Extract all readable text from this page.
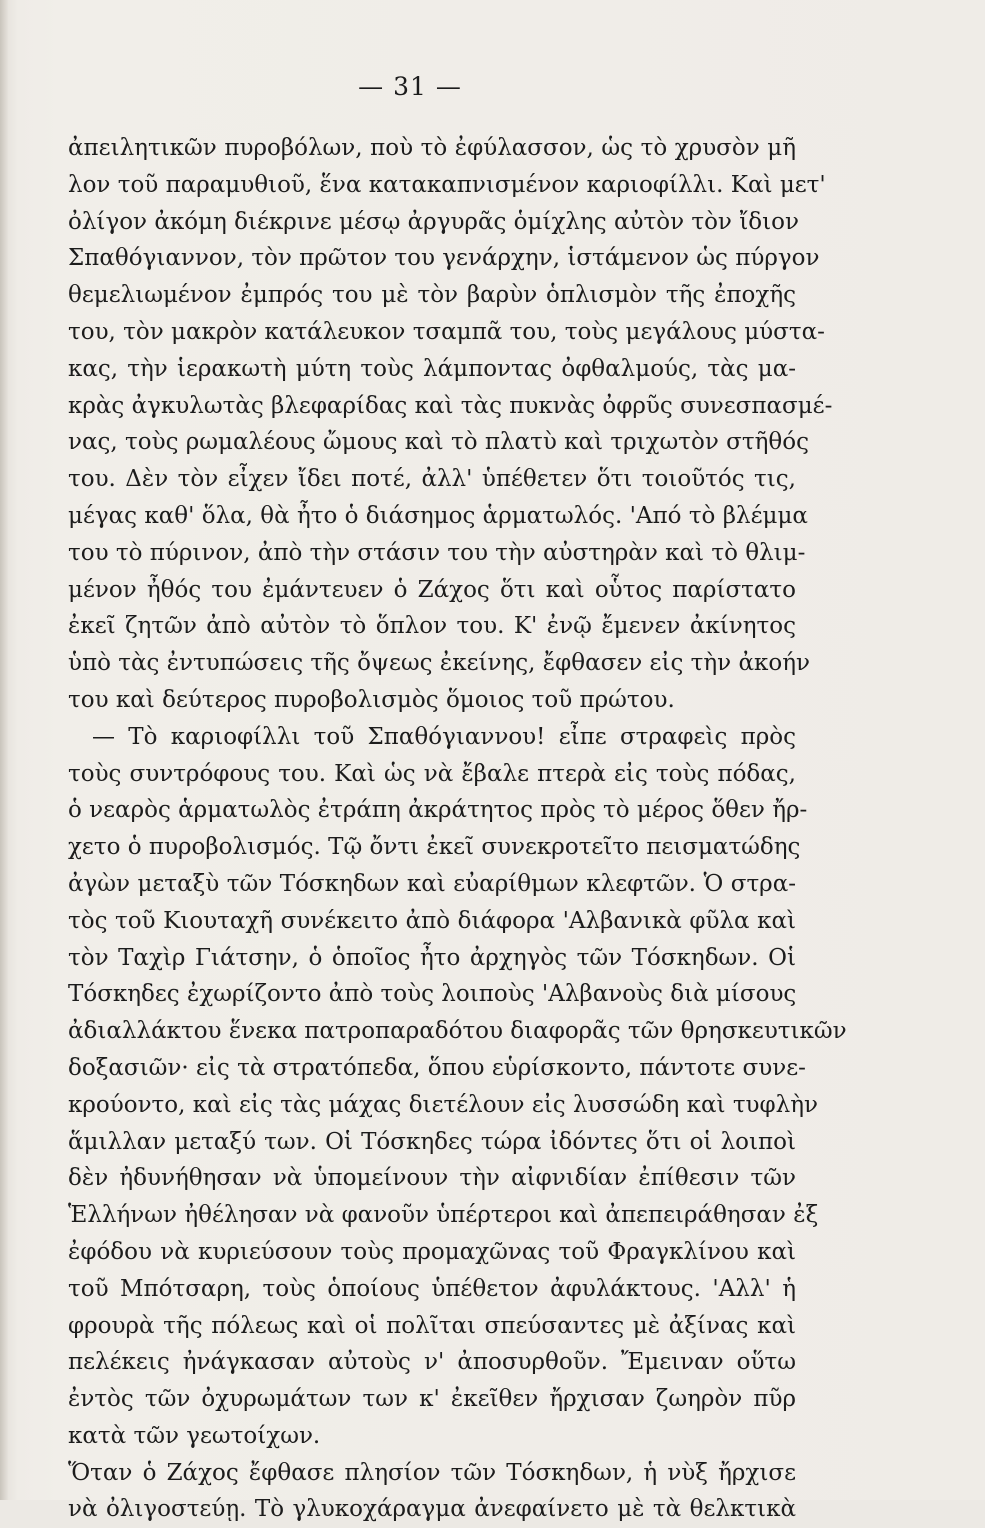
— 31 —
ἀπειλητικῶν πυροβόλων, ποὺ τὸ ἐφύλασσον, ὡς τὸ χρυσὸν μῆ
λον τοῦ παραμυθιοῦ, ἕνα κατακαπνισμένον καριοφίλλι. Καὶ μετ'
ὀλίγον ἀκόμη διέκρινε μέσῳ ἀργυρᾶς ὁμίχλης αὐτὸν τὸν ἴδιον
Σπαθόγιαννον, τὸν πρῶτον του γενάρχην, ἱστάμενον ὡς πύργον
θεμελιωμένον ἐμπρός του μὲ τὸν βαρὺν ὁπλισμὸν τῆς ἐποχῆς
του, τὸν μακρὸν κατάλευκον τσαμπᾶ του, τοὺς μεγάλους μύστα-
κας, τὴν ἱερακωτὴ μύτη τοὺς λάμποντας ὀφθαλμούς, τὰς μα-
κρὰς ἀγκυλωτὰς βλεφαρίδας καὶ τὰς πυκνὰς ὀφρῦς συνεσπασμέ-
νας, τοὺς ρωμαλέους ὤμους καὶ τὸ πλατὺ καὶ τριχωτὸν στῆθός
του. Δὲν τὸν εἶχεν ἴδει ποτέ, ἀλλ' ὑπέθετεν ὅτι τοιοῦτός τις,
μέγας καθ' ὅλα, θὰ ἦτο ὁ διάσημος ἁρματωλός. 'Από τὸ βλέμμα
του τὸ πύρινον, ἀπὸ τὴν στάσιν του τὴν αὐστηρὰν καὶ τὸ θλιμ-
μένον ἦθός του ἐμάντευεν ὁ Ζάχος ὅτι καὶ οὗτος παρίστατο
ἐκεῖ ζητῶν ἀπὸ αὐτὸν τὸ ὅπλον του. Κ' ἐνῷ ἔμενεν ἀκίνητος
ὑπὸ τὰς ἐντυπώσεις τῆς ὄψεως ἐκείνης, ἔφθασεν εἰς τὴν ἀκοήν
του καὶ δεύτερος πυροβολισμὸς ὅμοιος τοῦ πρώτου.
— Τὸ καριοφίλλι τοῦ Σπαθόγιαννου! εἶπε στραφεὶς πρὸς
τοὺς συντρόφους του. Καὶ ὡς νὰ ἔβαλε πτερὰ εἰς τοὺς πόδας,
ὁ νεαρὸς ἁρματωλὸς ἐτράπη ἀκράτητος πρὸς τὸ μέρος ὅθεν ἤρ-
χετο ὁ πυροβολισμός. Τῷ ὄντι ἐκεῖ συνεκροτεῖτο πεισματώδης
ἀγὼν μεταξὺ τῶν Τόσκηδων καὶ εὐαρίθμων κλεφτῶν. Ὁ στρα-
τὸς τοῦ Κιουταχῆ συνέκειτο ἀπὸ διάφορα 'Αλβανικὰ φῦλα καὶ
τὸν Ταχὶρ Γιάτσην, ὁ ὁποῖος ἦτο ἀρχηγὸς τῶν Τόσκηδων. Οἱ
Τόσκηδες ἐχωρίζοντο ἀπὸ τοὺς λοιποὺς 'Αλβανοὺς διὰ μίσους
ἀδιαλλάκτου ἕνεκα πατροπαραδότου διαφορᾶς τῶν θρησκευτικῶν
δοξασιῶν· εἰς τὰ στρατόπεδα, ὅπου εὑρίσκοντο, πάντοτε συνε-
κρούοντο, καὶ εἰς τὰς μάχας διετέλουν εἰς λυσσώδη καὶ τυφλὴν
ἅμιλλαν μεταξύ των. Οἱ Τόσκηδες τώρα ἰδόντες ὅτι οἱ λοιποὶ
δὲν ἠδυνήθησαν νὰ ὑπομείνουν τὴν αἰφνιδίαν ἐπίθεσιν τῶν
Ἑλλήνων ἠθέλησαν νὰ φανοῦν ὑπέρτεροι καὶ ἀπεπειράθησαν ἐξ
ἐφόδου νὰ κυριεύσουν τοὺς προμαχῶνας τοῦ Φραγκλίνου καὶ
τοῦ Μπότσαρη, τοὺς ὁποίους ὑπέθετον ἀφυλάκτους. 'Αλλ' ἡ
φρουρὰ τῆς πόλεως καὶ οἱ πολῖται σπεύσαντες μὲ ἀξίνας καὶ
πελέκεις ἠνάγκασαν αὐτοὺς ν' ἀποσυρθοῦν. Ἔμειναν οὕτω
ἐντὸς τῶν ὀχυρωμάτων των κ' ἐκεῖθεν ἤρχισαν ζωηρὸν πῦρ
κατὰ τῶν γεωτοίχων.
Ὅταν ὁ Ζάχος ἔφθασε πλησίον τῶν Τόσκηδων, ἡ νὺξ ἤρχισε
νὰ ὀλιγοστεύῃ. Τὸ γλυκοχάραγμα ἀνεφαίνετο μὲ τὰ θελκτικὰ
